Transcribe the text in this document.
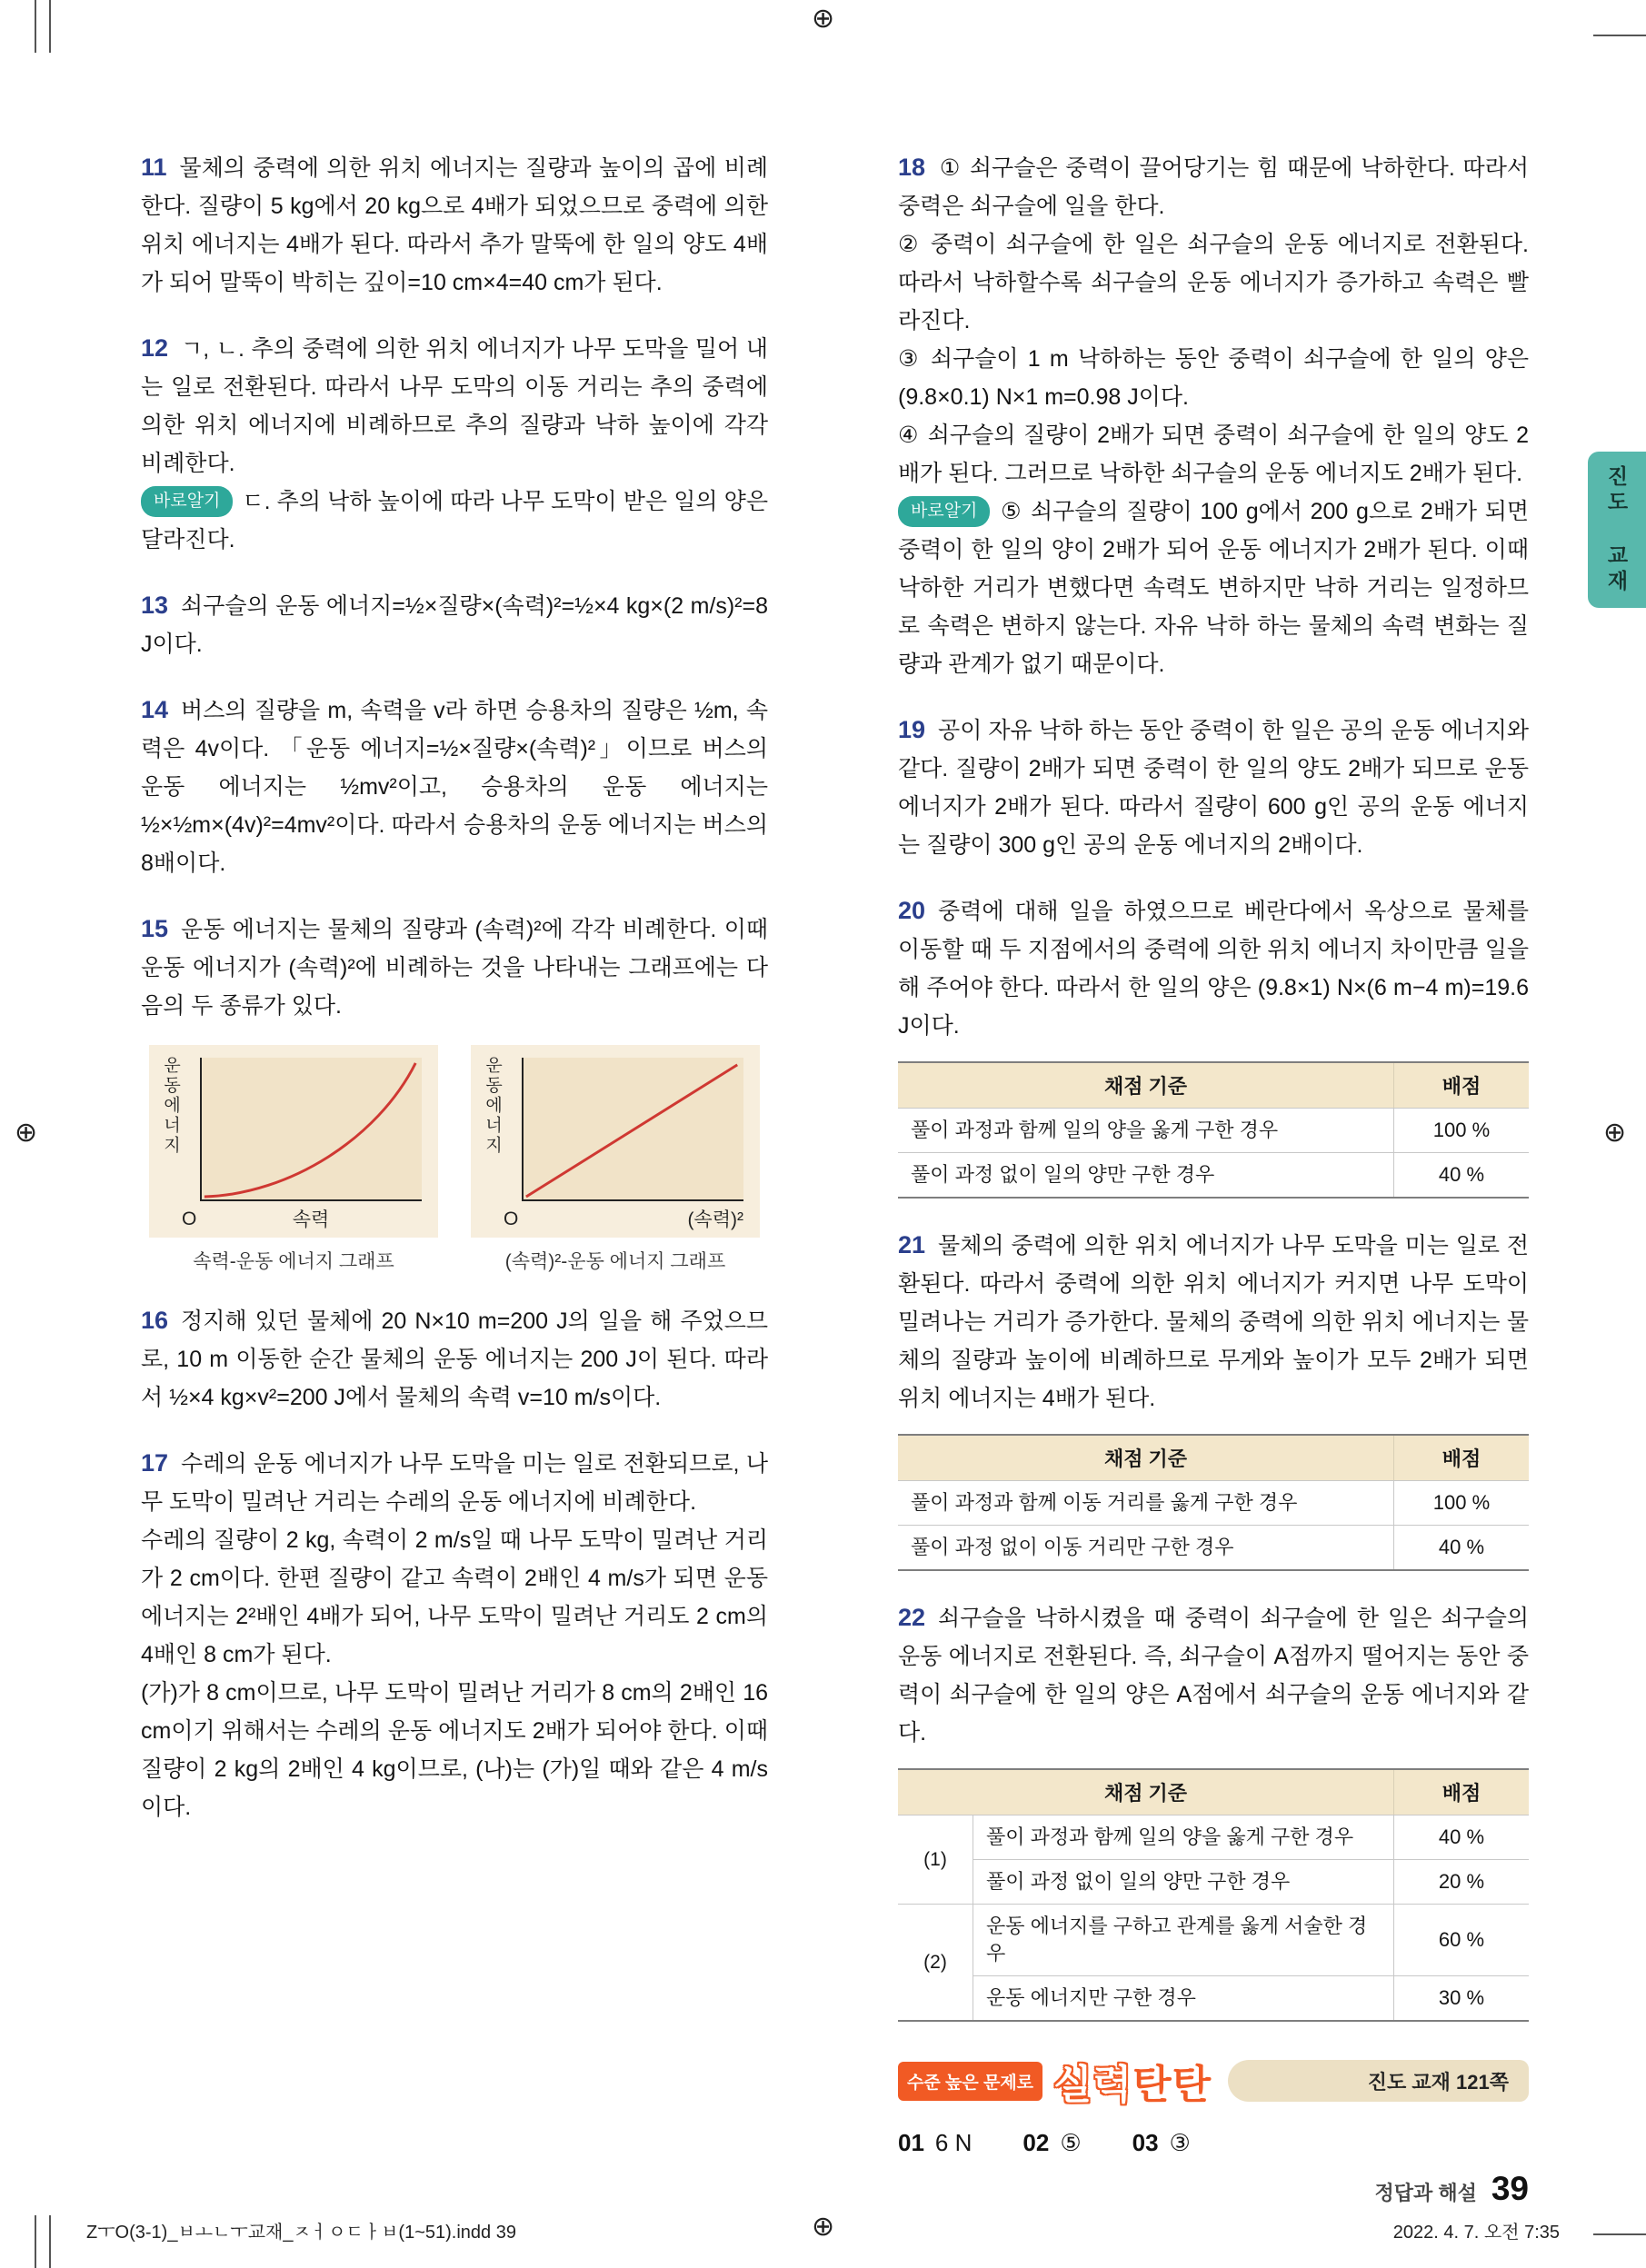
⊕
⊕
⊕	⊕
진도 교재

11 물체의 중력에 의한 위치 에너지는 질량과 높이의 곱에 비례한다. 질량이 5 kg에서 20 kg으로 4배가 되었으므로 중력에 의한 위치 에너지는 4배가 된다. 따라서 추가 말뚝에 한 일의 양도 4배가 되어 말뚝이 박히는 깊이=10 cm×4=40 cm가 된다.

12 ㄱ, ㄴ. 추의 중력에 의한 위치 에너지가 나무 도막을 밀어 내는 일로 전환된다. 따라서 나무 도막의 이동 거리는 추의 중력에 의한 위치 에너지에 비례하므로 추의 질량과 낙하 높이에 각각 비례한다.

바로알기 ㄷ. 추의 낙하 높이에 따라 나무 도막이 받은 일의 양은 달라진다.

13 쇠구슬의 운동 에너지=½×질량×(속력)²=½×4 kg×(2 m/s)²=8 J이다.

14 버스의 질량을 m, 속력을 v라 하면 승용차의 질량은 ½m, 속력은 4v이다. 「운동 에너지=½×질량×(속력)²」이므로 버스의 운동 에너지는 ½mv²이고, 승용차의 운동 에너지는 ½×½m×(4v)²=4mv²이다. 따라서 승용차의 운동 에너지는 버스의 8배이다.

15 운동 에너지는 물체의 질량과 (속력)²에 각각 비례한다. 이때 운동 에너지가 (속력)²에 비례하는 것을 나타내는 그래프에는 다음의 두 종류가 있다.

운동에너지
O	속력
속력-운동 에너지 그래프
운동에너지
O	(속력)²
(속력)²-운동 에너지 그래프

16 정지해 있던 물체에 20 N×10 m=200 J의 일을 해 주었으므로, 10 m 이동한 순간 물체의 운동 에너지는 200 J이 된다. 따라서 ½×4 kg×v²=200 J에서 물체의 속력 v=10 m/s이다.

17 수레의 운동 에너지가 나무 도막을 미는 일로 전환되므로, 나무 도막이 밀려난 거리는 수레의 운동 에너지에 비례한다.

수레의 질량이 2 kg, 속력이 2 m/s일 때 나무 도막이 밀려난 거리가 2 cm이다. 한편 질량이 같고 속력이 2배인 4 m/s가 되면 운동 에너지는 2²배인 4배가 되어, 나무 도막이 밀려난 거리도 2 cm의 4배인 8 cm가 된다.

(가)가 8 cm이므로, 나무 도막이 밀려난 거리가 8 cm의 2배인 16 cm이기 위해서는 수레의 운동 에너지도 2배가 되어야 한다. 이때 질량이 2 kg의 2배인 4 kg이므로, (나)는 (가)일 때와 같은 4 m/s이다.

18 ① 쇠구슬은 중력이 끌어당기는 힘 때문에 낙하한다. 따라서 중력은 쇠구슬에 일을 한다.

② 중력이 쇠구슬에 한 일은 쇠구슬의 운동 에너지로 전환된다. 따라서 낙하할수록 쇠구슬의 운동 에너지가 증가하고 속력은 빨라진다.

③ 쇠구슬이 1 m 낙하하는 동안 중력이 쇠구슬에 한 일의 양은 (9.8×0.1) N×1 m=0.98 J이다.

④ 쇠구슬의 질량이 2배가 되면 중력이 쇠구슬에 한 일의 양도 2배가 된다. 그러므로 낙하한 쇠구슬의 운동 에너지도 2배가 된다.

바로알기 ⑤ 쇠구슬의 질량이 100 g에서 200 g으로 2배가 되면 중력이 한 일의 양이 2배가 되어 운동 에너지가 2배가 된다. 이때 낙하한 거리가 변했다면 속력도 변하지만 낙하 거리는 일정하므로 속력은 변하지 않는다. 자유 낙하 하는 물체의 속력 변화는 질량과 관계가 없기 때문이다.

19 공이 자유 낙하 하는 동안 중력이 한 일은 공의 운동 에너지와 같다. 질량이 2배가 되면 중력이 한 일의 양도 2배가 되므로 운동 에너지가 2배가 된다. 따라서 질량이 600 g인 공의 운동 에너지는 질량이 300 g인 공의 운동 에너지의 2배이다.

20 중력에 대해 일을 하였으므로 베란다에서 옥상으로 물체를 이동할 때 두 지점에서의 중력에 의한 위치 에너지 차이만큼 일을 해 주어야 한다. 따라서 한 일의 양은 (9.8×1) N×(6 m−4 m)=19.6 J이다.

채점 기준	배점
풀이 과정과 함께 일의 양을 옳게 구한 경우	100 %
풀이 과정 없이 일의 양만 구한 경우	40 %

21 물체의 중력에 의한 위치 에너지가 나무 도막을 미는 일로 전환된다. 따라서 중력에 의한 위치 에너지가 커지면 나무 도막이 밀려나는 거리가 증가한다. 물체의 중력에 의한 위치 에너지는 물체의 질량과 높이에 비례하므로 무게와 높이가 모두 2배가 되면 위치 에너지는 4배가 된다.

채점 기준	배점
풀이 과정과 함께 이동 거리를 옳게 구한 경우	100 %
풀이 과정 없이 이동 거리만 구한 경우	40 %

22 쇠구슬을 낙하시켰을 때 중력이 쇠구슬에 한 일은 쇠구슬의 운동 에너지로 전환된다. 즉, 쇠구슬이 A점까지 떨어지는 동안 중력이 쇠구슬에 한 일의 양은 A점에서 쇠구슬의 운동 에너지와 같다.

채점 기준		배점
(1)	풀이 과정과 함께 일의 양을 옳게 구한 경우	40 %
	풀이 과정 없이 일의 양만 구한 경우	20 %
(2)	운동 에너지를 구하고 관계를 옳게 서술한 경우	60 %
	운동 에너지만 구한 경우	30 %
수준 높은 문제로 실력탄탄	진도 교재 121쪽
01 6 N 02 ⑤ 03 ③
정답과 해설 39
ZㅜO(3-1)_ㅂㅗㄴㅜ교재_ㅈㅓㅇㄷㅏㅂ(1~51).indd 39	2022. 4. 7. 오전 7:35
